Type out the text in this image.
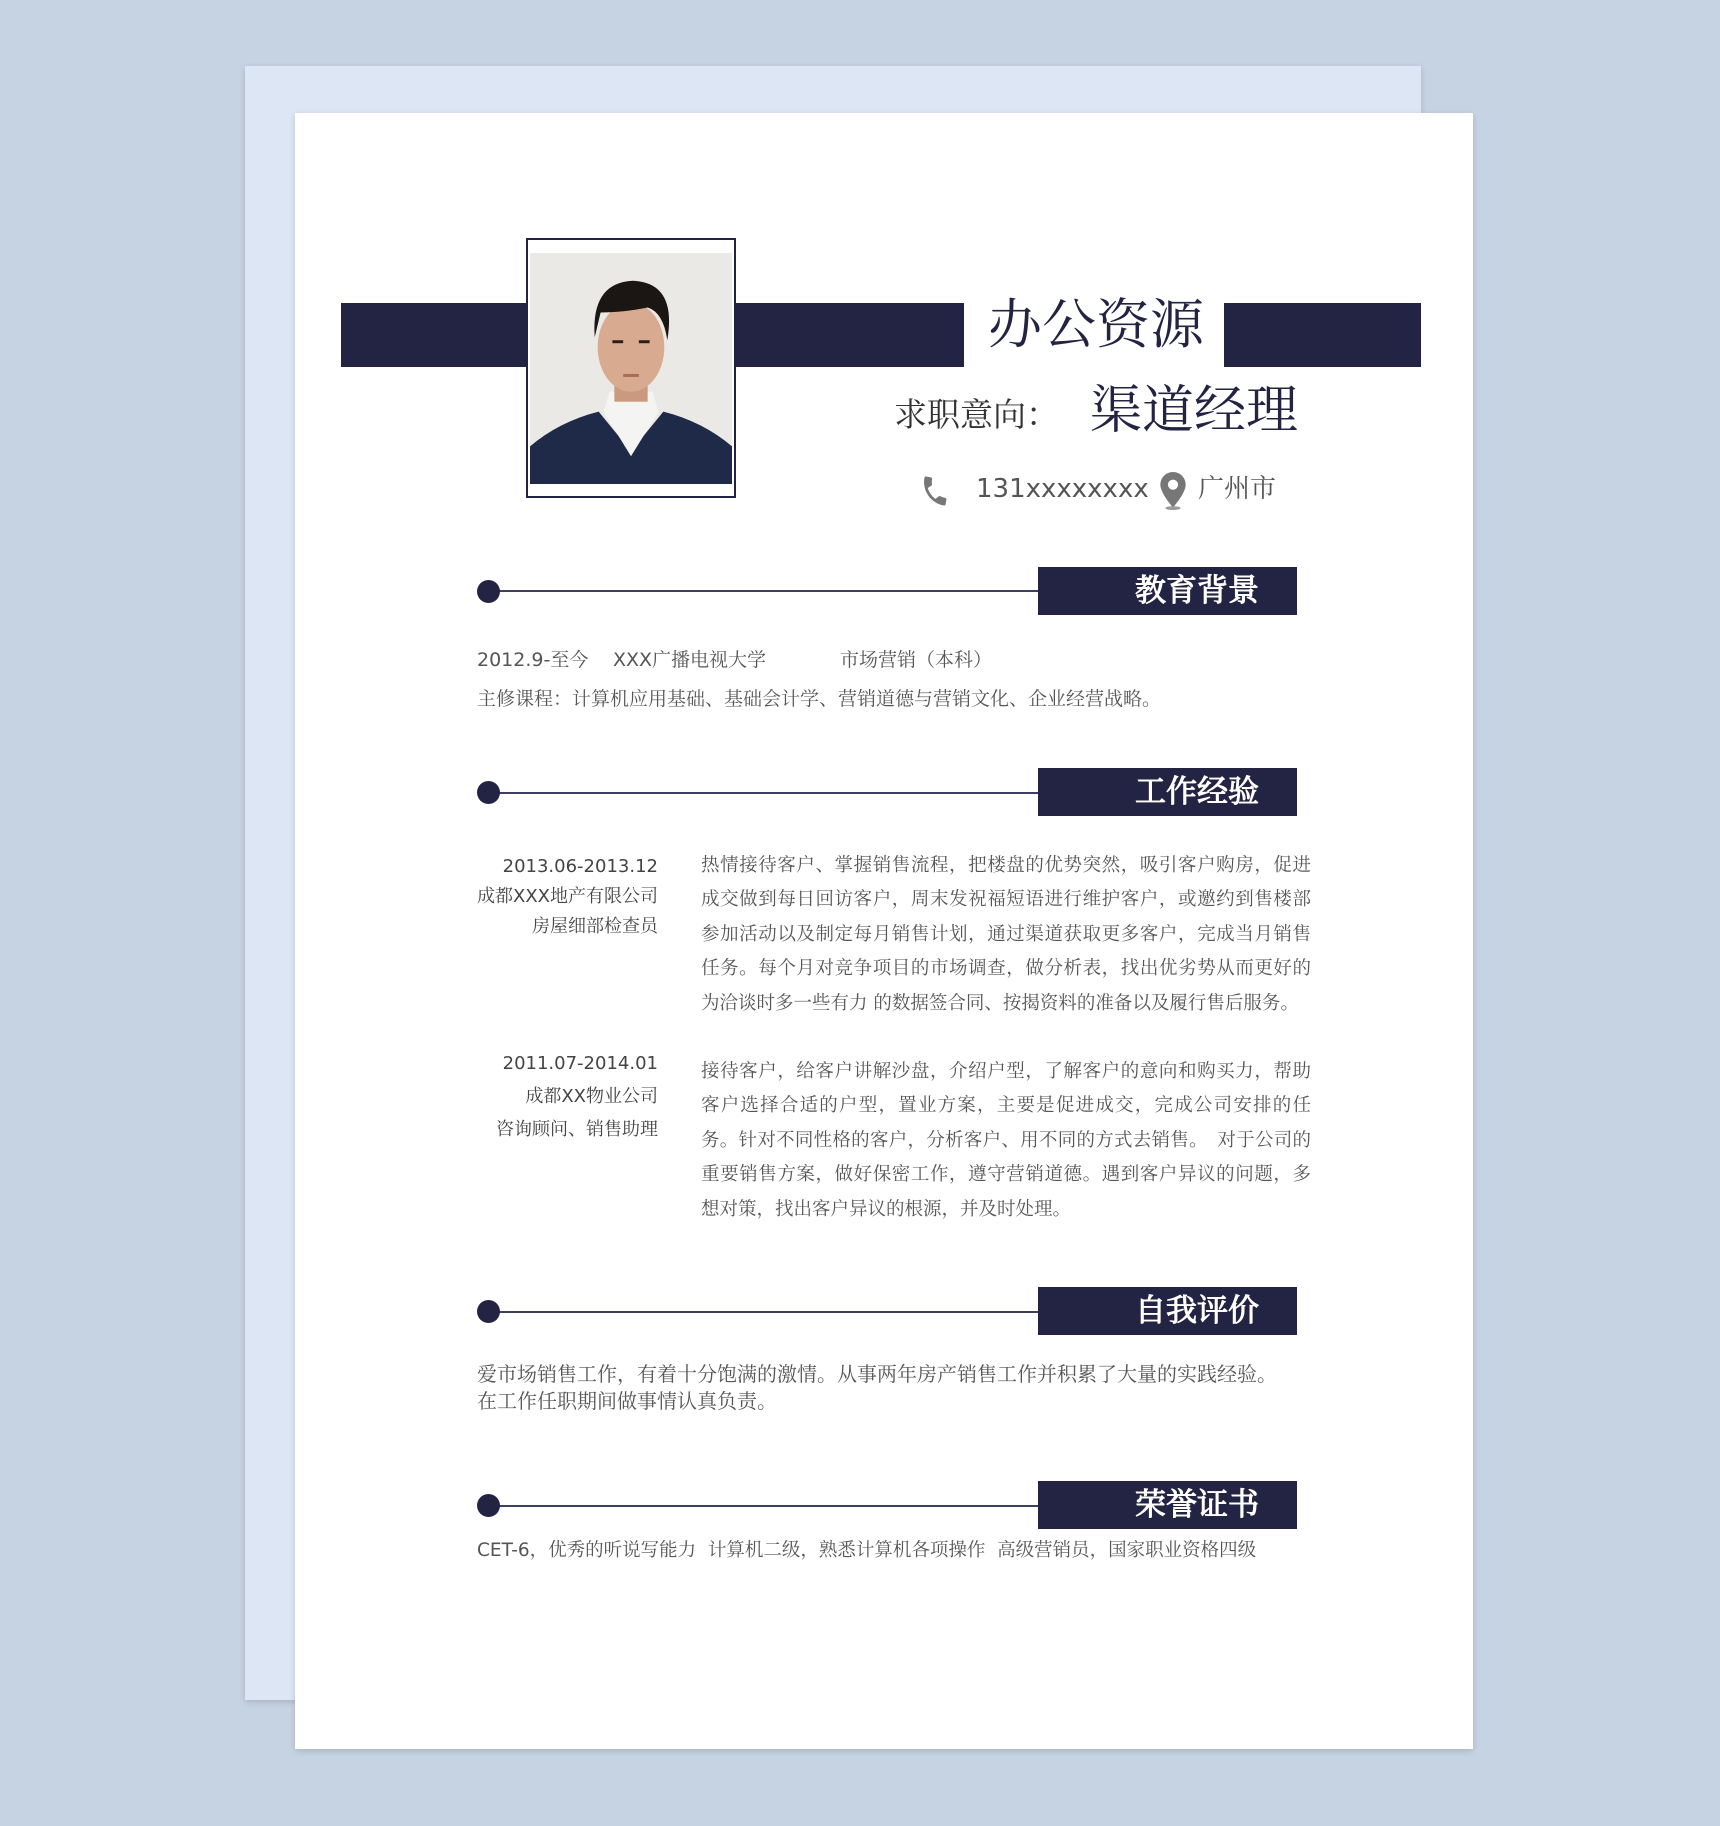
办公资源
求职意向： 渠道经理
131xxxxxxxx 广州市
教育背景
2012.9-至今 XXX广播电视大学	市场营销（本科）
主修课程：计算机应用基础、基础会计学、营销道德与营销文化、企业经营战略。
工作经验
2013.06-2013.12
成都XXX地产有限公司
房屋细部检查员
热情接待客户、掌握销售流程，把楼盘的优势突然，吸引客户购房，促进成交做到每日回访客户，周末发祝福短语进行维护客户，或邀约到售楼部参加活动以及制定每月销售计划，通过渠道获取更多客户，完成当月销售任务。每个月对竞争项目的市场调查，做分析表，找出优劣势从而更好的为洽谈时多一些有力 的数据签合同、按揭资料的准备以及履行售后服务。
2011.07-2014.01
成都XX物业公司
咨询顾问、销售助理
接待客户，给客户讲解沙盘，介绍户型，了解客户的意向和购买力，帮助客户选择合适的户型，置业方案，主要是促进成交，完成公司安排的任务。针对不同性格的客户，分析客户、用不同的方式去销售。　对于公司的重要销售方案，做好保密工作，遵守营销道德。遇到客户异议的问题，多想对策，找出客户异议的根源，并及时处理。
自我评价
爱市场销售工作，有着十分饱满的激情。从事两年房产销售工作并积累了大量的实践经验。
在工作任职期间做事情认真负责。
荣誉证书
CET-6，优秀的听说写能力  计算机二级，熟悉计算机各项操作  高级营销员，国家职业资格四级
